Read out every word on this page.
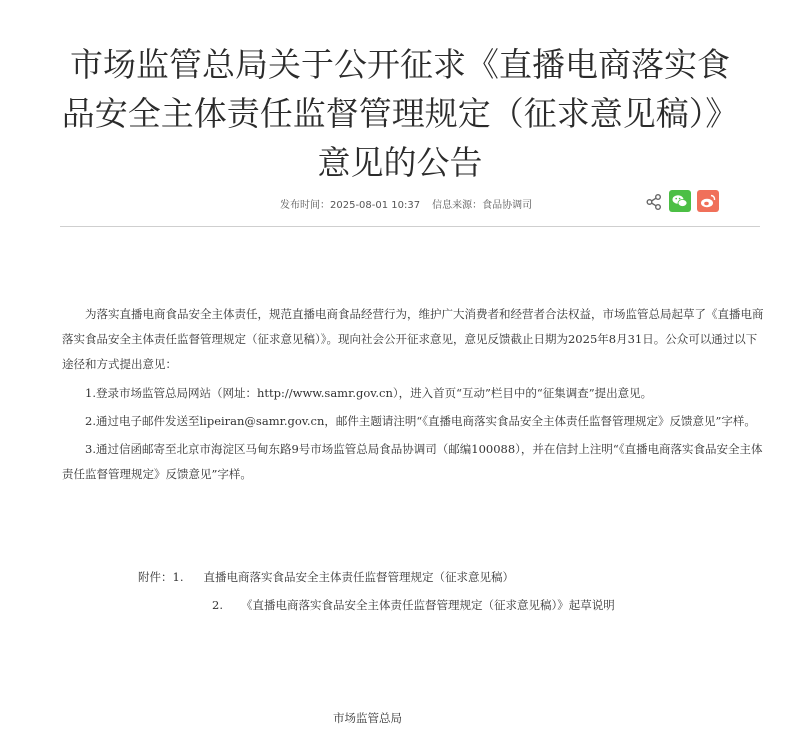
市场监管总局关于公开征求《直播电商落实食品安全主体责任监督管理规定（征求意见稿）》意见的公告
发布时间：2025-08-01 10:37 信息来源：食品协调司

为落实直播电商食品安全主体责任，规范直播电商食品经营行为，维护广大消费者和经营者合法权益，市场监管总局起草了《直播电商落实食品安全主体责任监督管理规定（征求意见稿）》。现向社会公开征求意见，意见反馈截止日期为2025年8月31日。公众可以通过以下途径和方式提出意见：

1.登录市场监管总局网站（网址：http://www.samr.gov.cn），进入首页“互动”栏目中的“征集调查”提出意见。

2.通过电子邮件发送至lipeiran@samr.gov.cn，邮件主题请注明“《直播电商落实食品安全主体责任监督管理规定》反馈意见”字样。

3.通过信函邮寄至北京市海淀区马甸东路9号市场监管总局食品协调司（邮编100088），并在信封上注明“《直播电商落实食品安全主体责任监督管理规定》反馈意见”字样。

附件：1. 直播电商落实食品安全主体责任监督管理规定（征求意见稿）
2. 《直播电商落实食品安全主体责任监督管理规定（征求意见稿）》起草说明
市场监管总局
